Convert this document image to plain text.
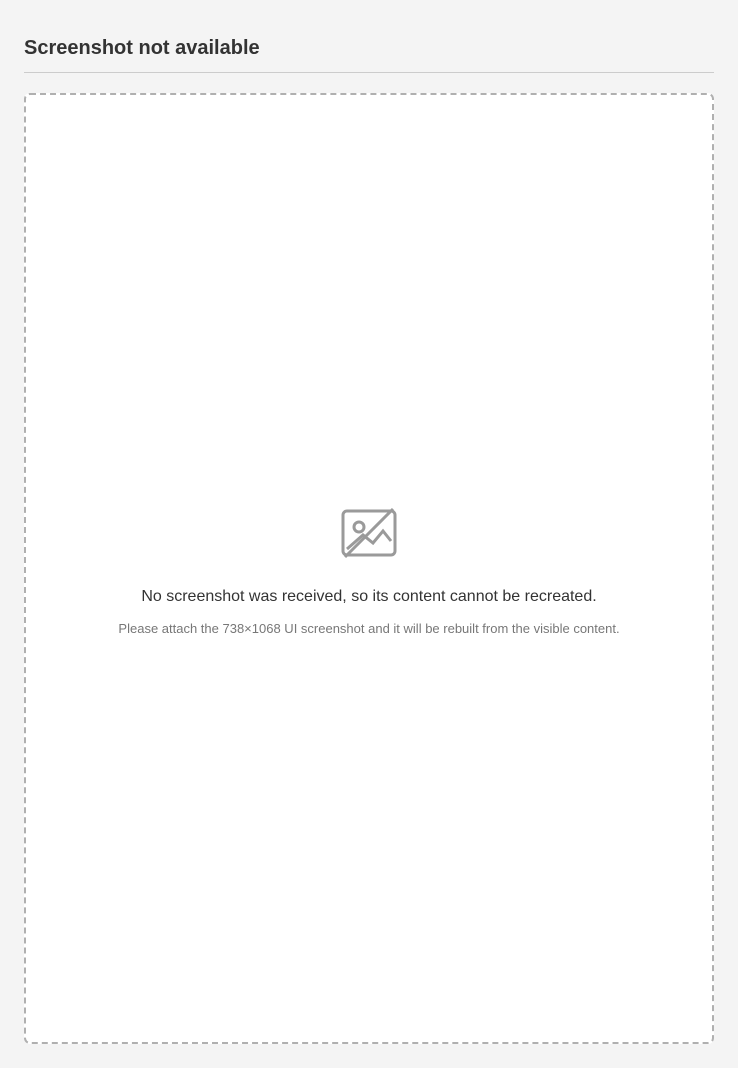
Screenshot not available

No screenshot was received, so its content cannot be recreated.

Please attach the 738×1068 UI screenshot and it will be rebuilt from the visible content.
